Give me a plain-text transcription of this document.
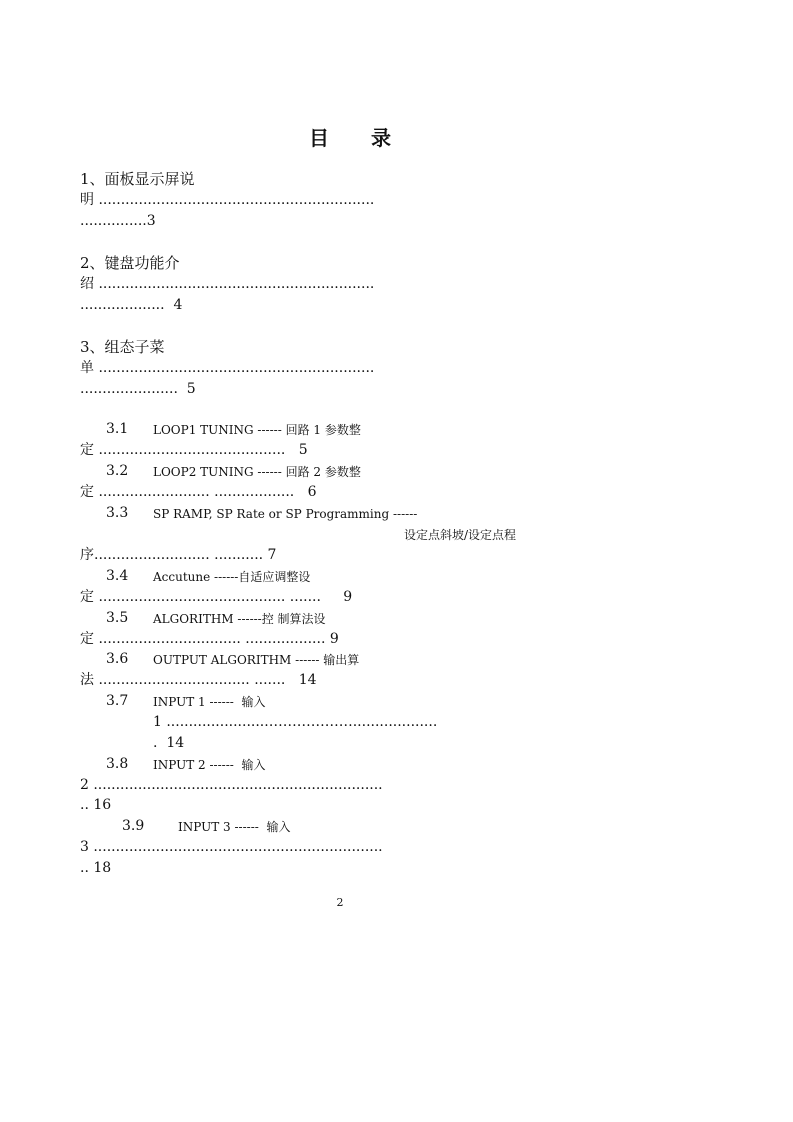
目 录
1、面板显示屏说
明 ..............................................................
...............3
2、键盘功能介
绍 ..............................................................
...................  4
3、组态子菜
单 ..............................................................
......................  5
3.1 LOOP1 TUNING ------ 回路 1 参数整
定 ..........................................   5
3.2 LOOP2 TUNING ------ 回路 2 参数整
定 ......................... ..................   6
3.3 SP RAMP, SP Rate or SP Programming ------
设定点斜坡/设定点程
序.......................... ........... 7
3.4 Accutune ------自适应调整设
定 .......................................... .......     9
3.5 ALGORITHM ------控 制算法设
定 ................................ .................. 9
3.6 OUTPUT ALGORITHM ------ 输出算
法 .................................. .......   14
3.7 INPUT 1 ------  输入
1 .......................………………...................
.  14
3.8 INPUT 2 ------  输入
2 .................................................................
.. 16
3.9	INPUT 3 ------  输入
3 .................................................................
.. 18
2
